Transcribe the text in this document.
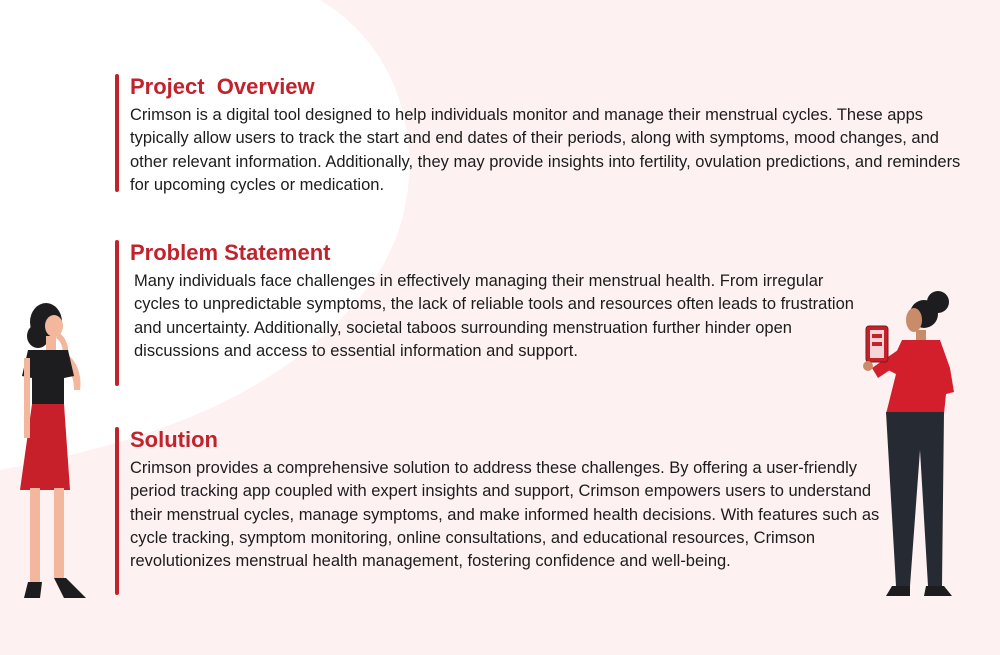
Project  Overview

Crimson is a digital tool designed to help individuals monitor and manage their menstrual cycles. These apps typically allow users to track the start and end dates of their periods, along with symptoms, mood changes, and other relevant information. Additionally, they may provide insights into fertility, ovulation predictions, and reminders for upcoming cycles or medication.

Problem Statement

Many individuals face challenges in effectively managing their menstrual health. From irregular cycles to unpredictable symptoms, the lack of reliable tools and resources often leads to frustration and uncertainty. Additionally, societal taboos surrounding menstruation further hinder open discussions and access to essential information and support.

Solution

Crimson provides a comprehensive solution to address these challenges. By offering a user-friendly period tracking app coupled with expert insights and support, Crimson empowers users to understand their menstrual cycles, manage symptoms, and make informed health decisions. With features such as cycle tracking, symptom monitoring, online consultations, and educational resources, Crimson revolutionizes menstrual health management, fostering confidence and well-being.
